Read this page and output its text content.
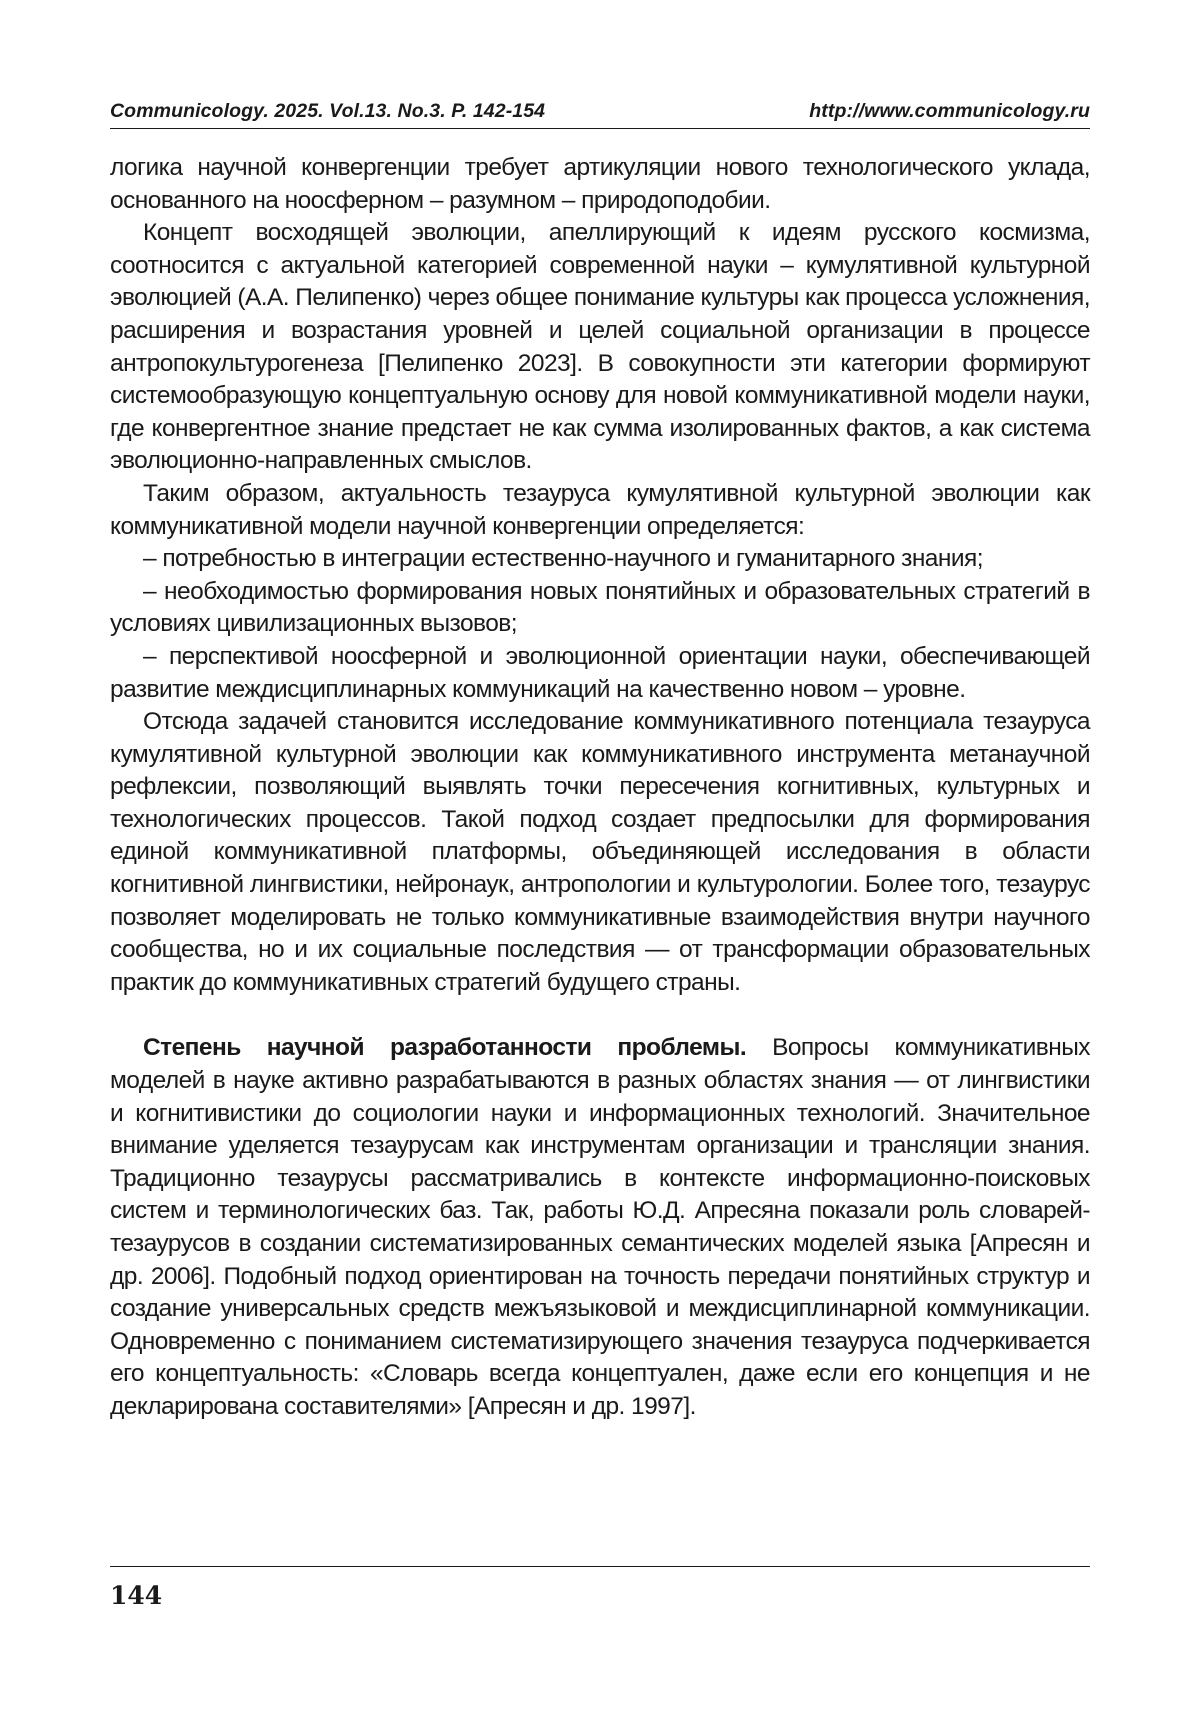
Communicology. 2025. Vol.13. No.3. P. 142-154	http://www.communicology.ru

логика научной конвергенции требует артикуляции нового технологического уклада, основанного на ноосферном – разумном – природоподобии.

Концепт восходящей эволюции, апеллирующий к идеям русского космизма, соотносится с актуальной категорией современной науки – кумулятивной культурной эволюцией (А.А. Пелипенко) через общее понимание культуры как процесса усложнения, расширения и возрастания уровней и целей социальной организации в процессе антропокультурогенеза [Пелипенко 2023]. В совокупности эти категории формируют системообразующую концептуальную основу для новой коммуникативной модели науки, где конвергентное знание предстает не как сумма изолированных фактов, а как система эволюционно-направленных смыслов.

Таким образом, актуальность тезауруса кумулятивной культурной эволюции как коммуникативной модели научной конвергенции определяется:

– потребностью в интеграции естественно-научного и гуманитарного знания;

– необходимостью формирования новых понятийных и образовательных стратегий в условиях цивилизационных вызовов;

– перспективой ноосферной и эволюционной ориентации науки, обеспечивающей развитие междисциплинарных коммуникаций на качественно новом – уровне.

Отсюда задачей становится исследование коммуникативного потенциала тезауруса кумулятивной культурной эволюции как коммуникативного инструмента метанаучной рефлексии, позволяющий выявлять точки пересечения когнитивных, культурных и технологических процессов. Такой подход создает предпосылки для формирования единой коммуникативной платформы, объединяющей исследования в области когнитивной лингвистики, нейронаук, антропологии и культурологии. Более того, тезаурус позволяет моделировать не только коммуникативные взаимодействия внутри научного сообщества, но и их социальные последствия — от трансформации образовательных практик до коммуникативных стратегий будущего страны.

Степень научной разработанности проблемы. Вопросы коммуникативных моделей в науке активно разрабатываются в разных областях знания — от лингвистики и когнитивистики до социологии науки и информационных технологий. Значительное внимание уделяется тезаурусам как инструментам организации и трансляции знания. Традиционно тезаурусы рассматривались в контексте информационно-поисковых систем и терминологических баз. Так, работы Ю.Д. Апресяна показали роль словарей-тезаурусов в создании систематизированных семантических моделей языка [Апресян и др. 2006]. Подобный подход ориентирован на точность передачи понятийных структур и создание универсальных средств межъязыковой и междисциплинарной коммуникации. Одновременно с пониманием систематизирующего значения тезауруса подчеркивается его концептуальность: «Словарь всегда концептуален, даже если его концепция и не декларирована составителями» [Апресян и др. 1997].

144
